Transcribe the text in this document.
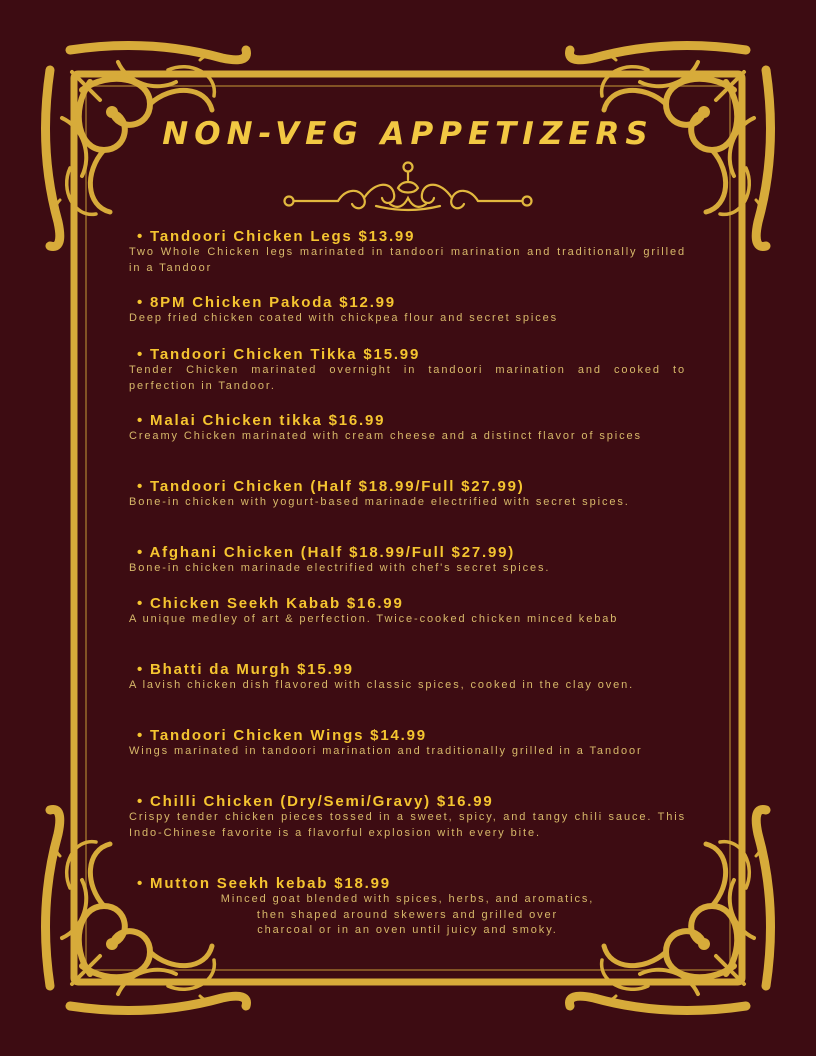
NON-VEG APPETIZERS
• Tandoori Chicken Legs $13.99
Two Whole Chicken legs marinated in tandoori marination and traditionally grilled in a Tandoor
• 8PM Chicken Pakoda $12.99
Deep fried chicken coated with chickpea flour and secret spices
• Tandoori Chicken Tikka $15.99
Tender Chicken marinated overnight in tandoori marination and cooked to perfection in Tandoor.
• Malai Chicken tikka $16.99
Creamy Chicken marinated with cream cheese and a distinct flavor of spices
• Tandoori Chicken (Half $18.99/Full $27.99)
Bone-in chicken with yogurt-based marinade electrified with secret spices.
• Afghani Chicken (Half $18.99/Full $27.99)
Bone-in chicken marinade electrified with chef's secret spices.
• Chicken Seekh Kabab $16.99
A unique medley of art & perfection. Twice-cooked chicken minced kebab
• Bhatti da Murgh $15.99
A lavish chicken dish flavored with classic spices, cooked in the clay oven.
• Tandoori Chicken Wings $14.99
Wings marinated in tandoori marination and traditionally grilled in a Tandoor
• Chilli Chicken (Dry/Semi/Gravy) $16.99
Crispy tender chicken pieces tossed in a sweet, spicy, and tangy chili sauce. This Indo-Chinese favorite is a flavorful explosion with every bite.
• Mutton Seekh kebab $18.99
Minced goat blended with spices, herbs, and aromatics,
then shaped around skewers and grilled over
charcoal or in an oven until juicy and smoky.
